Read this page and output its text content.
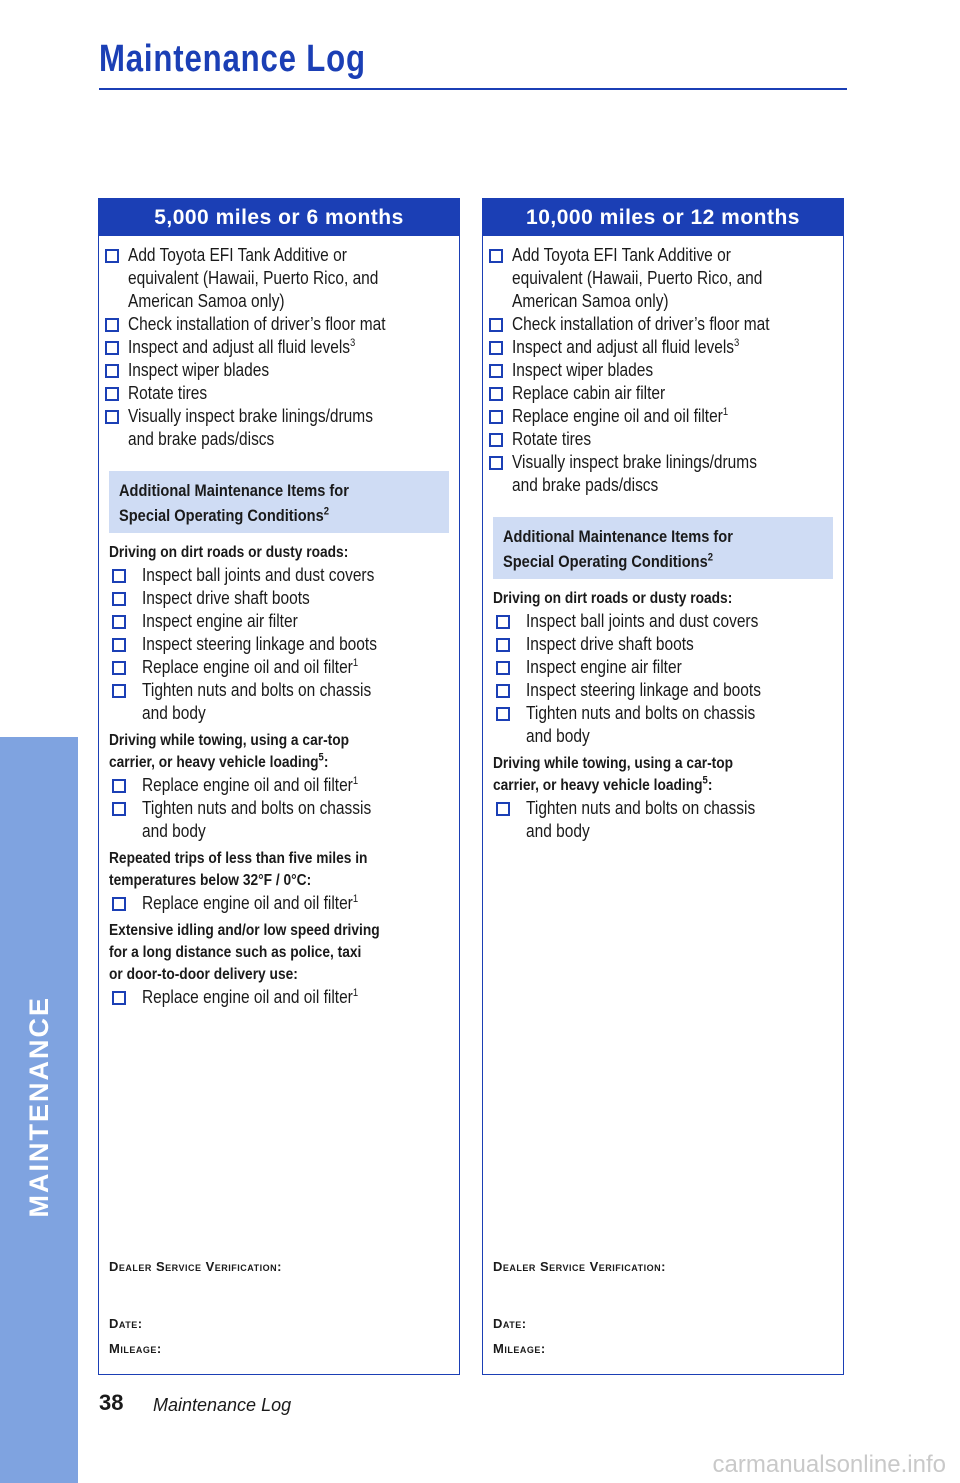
Maintenance Log
MAINTENANCE
5,000 miles or 6 months
Add Toyota EFI Tank Additive or
equivalent (Hawaii, Puerto Rico, and
American Samoa only)
Check installation of driver’s floor mat
Inspect and adjust all fluid levels$^3$
Inspect wiper blades
Rotate tires
Visually inspect brake linings/drums
and brake pads/discs
Additional Maintenance Items for
Special Operating Conditions$^2$
Driving on dirt roads or dusty roads:
Inspect ball joints and dust covers
Inspect drive shaft boots
Inspect engine air filter
Inspect steering linkage and boots
Replace engine oil and oil filter$^1$
Tighten nuts and bolts on chassis
and body
Driving while towing, using a car-top
carrier, or heavy vehicle loading$^5$:
Replace engine oil and oil filter$^1$
Tighten nuts and bolts on chassis
and body
Repeated trips of less than five miles in
temperatures below 32°F / 0°C:
Replace engine oil and oil filter$^1$
Extensive idling and/or low speed driving
for a long distance such as police, taxi
or door-to-door delivery use:
Replace engine oil and oil filter$^1$
Dealer Service Verification:
Date:
Mileage:
10,000 miles or 12 months
Add Toyota EFI Tank Additive or
equivalent (Hawaii, Puerto Rico, and
American Samoa only)
Check installation of driver’s floor mat
Inspect and adjust all fluid levels$^3$
Inspect wiper blades
Replace cabin air filter
Replace engine oil and oil filter$^1$
Rotate tires
Visually inspect brake linings/drums
and brake pads/discs
Additional Maintenance Items for
Special Operating Conditions$^2$
Driving on dirt roads or dusty roads:
Inspect ball joints and dust covers
Inspect drive shaft boots
Inspect engine air filter
Inspect steering linkage and boots
Tighten nuts and bolts on chassis
and body
Driving while towing, using a car-top
carrier, or heavy vehicle loading$^5$:
Tighten nuts and bolts on chassis
and body
Dealer Service Verification:
Date:
Mileage:
38 Maintenance Log
carmanualsonline.info
